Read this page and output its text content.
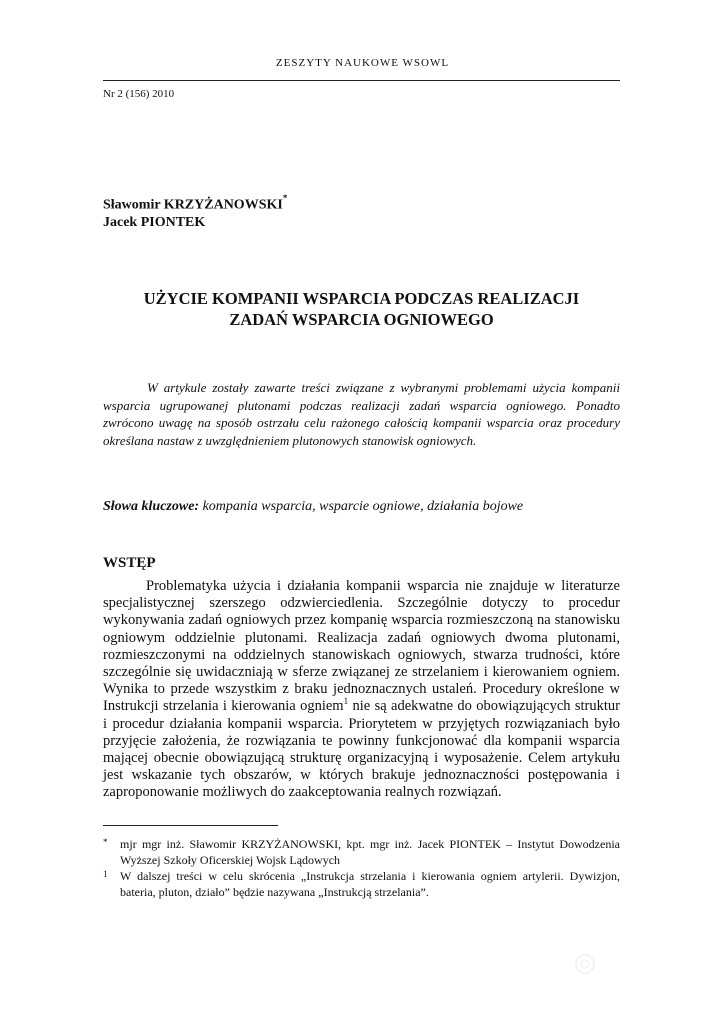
ZESZYTY NAUKOWE WSOWL
Nr 2 (156) 2010
Sławomir KRZYŻANOWSKI*
Jacek PIONTEK
UŻYCIE KOMPANII WSPARCIA PODCZAS REALIZACJI
ZADAŃ WSPARCIA OGNIOWEGO
W artykule zostały zawarte treści związane z wybranymi problemami użycia kompanii wsparcia ugrupowanej plutonami podczas realizacji zadań wsparcia ogniowego. Ponadto zwrócono uwagę na sposób ostrzału celu rażonego całością kompanii wsparcia oraz procedury określana nastaw z uwzględnieniem plutonowych stanowisk ogniowych.
Słowa kluczowe: kompania wsparcia, wsparcie ogniowe, działania bojowe
WSTĘP
Problematyka użycia i działania kompanii wsparcia nie znajduje w literaturze specjalistycznej szerszego odzwierciedlenia. Szczególnie dotyczy to procedur wykonywania zadań ogniowych przez kompanię wsparcia rozmieszczoną na stanowisku ogniowym oddzielnie plutonami. Realizacja zadań ogniowych dwoma plutonami, rozmieszczonymi na oddzielnych stanowiskach ogniowych, stwarza trudności, które szczególnie się uwidaczniają w sferze związanej ze strzelaniem i kierowaniem ogniem. Wynika to przede wszystkim z braku jednoznacznych ustaleń. Procedury określone w Instrukcji strzelania i kierowania ogniem$^1$ nie są adekwatne do obowiązujących struktur i procedur działania kompanii wsparcia. Priorytetem w przyjętych rozwiązaniach było przyjęcie założenia, że rozwiązania te powinny funkcjonować dla kompanii wsparcia mającej obecnie obowiązującą strukturę organizacyjną i wyposażenie. Celem artykułu jest wskazanie tych obszarów, w których brakuje jednoznaczności postępowania i zaproponowanie możliwych do zaakceptowania realnych rozwiązań.
* mjr mgr inż. Sławomir KRZYŻANOWSKI, kpt. mgr inż. Jacek PIONTEK – Instytut Dowodzenia Wyższej Szkoły Oficerskiej Wojsk Lądowych
1 W dalszej treści w celu skrócenia „Instrukcja strzelania i kierowania ogniem artylerii. Dywizjon, bateria, pluton, działo” będzie nazywana „Instrukcją strzelania”.
